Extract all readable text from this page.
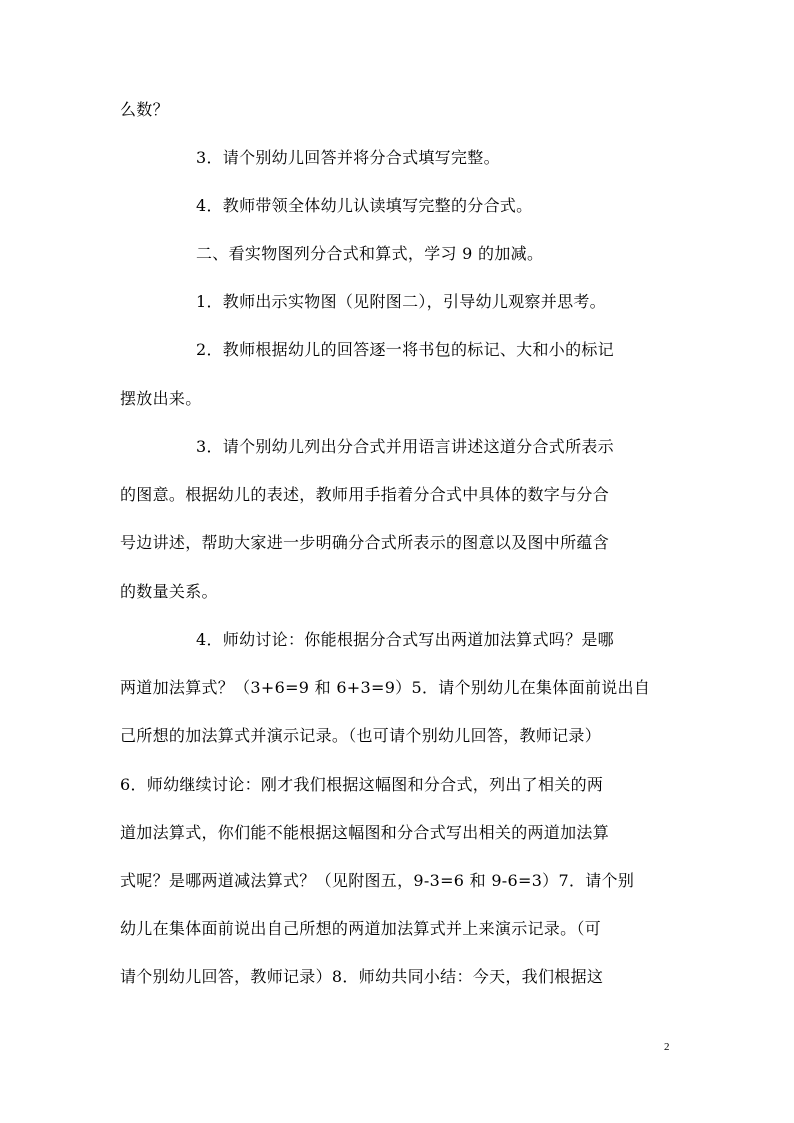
么数？
3．请个别幼儿回答并将分合式填写完整。
4．教师带领全体幼儿认读填写完整的分合式。
二、看实物图列分合式和算式，学习 9 的加减。
1．教师出示实物图（见附图二），引导幼儿观察并思考。
2．教师根据幼儿的回答逐一将书包的标记、大和小的标记
摆放出来。
3．请个别幼儿列出分合式并用语言讲述这道分合式所表示
的图意。根据幼儿的表述，教师用手指着分合式中具体的数字与分合
号边讲述，帮助大家进一步明确分合式所表示的图意以及图中所蕴含
的数量关系。
4．师幼讨论：你能根据分合式写出两道加法算式吗？是哪
两道加法算式？（3+6=9 和 6+3=9）5．请个别幼儿在集体面前说出自
己所想的加法算式并演示记录。（也可请个别幼儿回答，教师记录）
6．师幼继续讨论：刚才我们根据这幅图和分合式，列出了相关的两
道加法算式，你们能不能根据这幅图和分合式写出相关的两道加法算
式呢？是哪两道减法算式？（见附图五，9-3=6 和 9-6=3）7．请个别
幼儿在集体面前说出自己所想的两道加法算式并上来演示记录。（可
请个别幼儿回答，教师记录）8．师幼共同小结：今天，我们根据这
2
